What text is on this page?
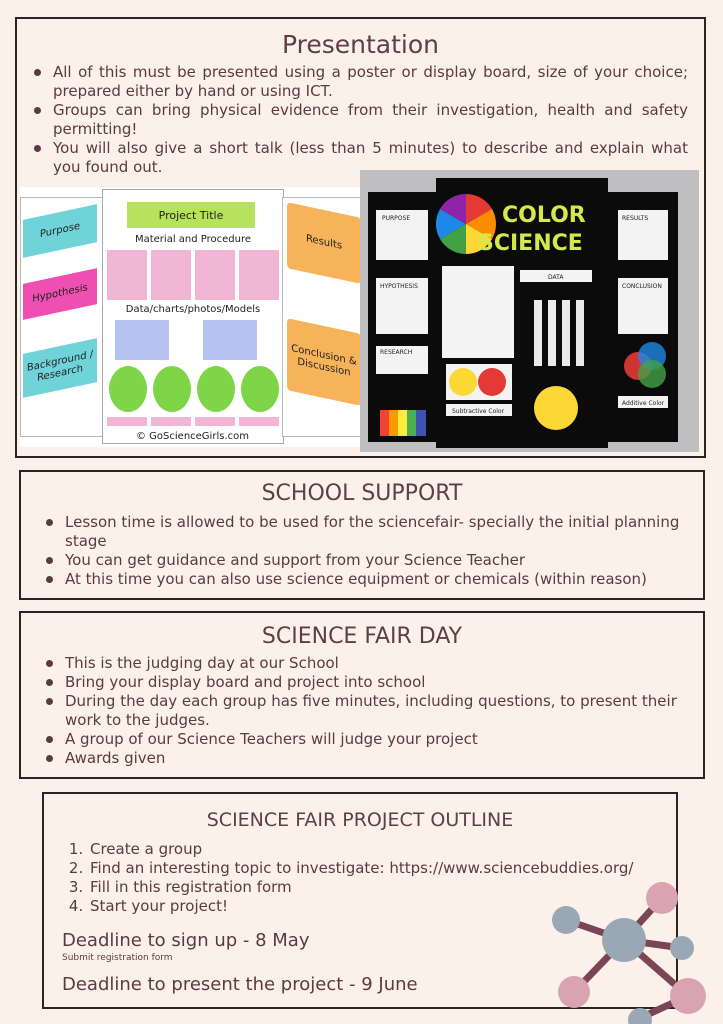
Presentation
All of this must be presented using a poster or display board, size of your choice; prepared either by hand or using ICT.
Groups can bring physical evidence from their investigation, health and safety permitting!
You will also give a short talk (less than 5 minutes) to describe and explain what you found out.
Purpose
Hypothesis
Background / Research
Project Title
Material and Procedure
Data/charts/photos/Models
Results
Conclusion & Discussion
© GoScienceGirls.com
COLOR
SCIENCE
PURPOSE
HYPOTHESIS
RESEARCH
DATA
Subtractive Color
RESULTS
CONCLUSION
Additive Color
SCHOOL SUPPORT
Lesson time is allowed to be used for the sciencefair- specially the initial planning stage
You can get guidance and support from your Science Teacher
At this time you can also use science equipment or chemicals (within reason)
SCIENCE FAIR DAY
This is the judging day at our School
Bring your display board and project into school
During the day each group has five minutes, including questions, to present their work to the judges.
A group of our Science Teachers will judge your project
Awards given
SCIENCE FAIR PROJECT OUTLINE
1. Create a group
2. Find an interesting topic to investigate: https://www.sciencebuddies.org/
3. Fill in this registration form
4. Start your project!
Deadline to sign up - 8 May
Submit registration form
Deadline to present the project - 9 June
